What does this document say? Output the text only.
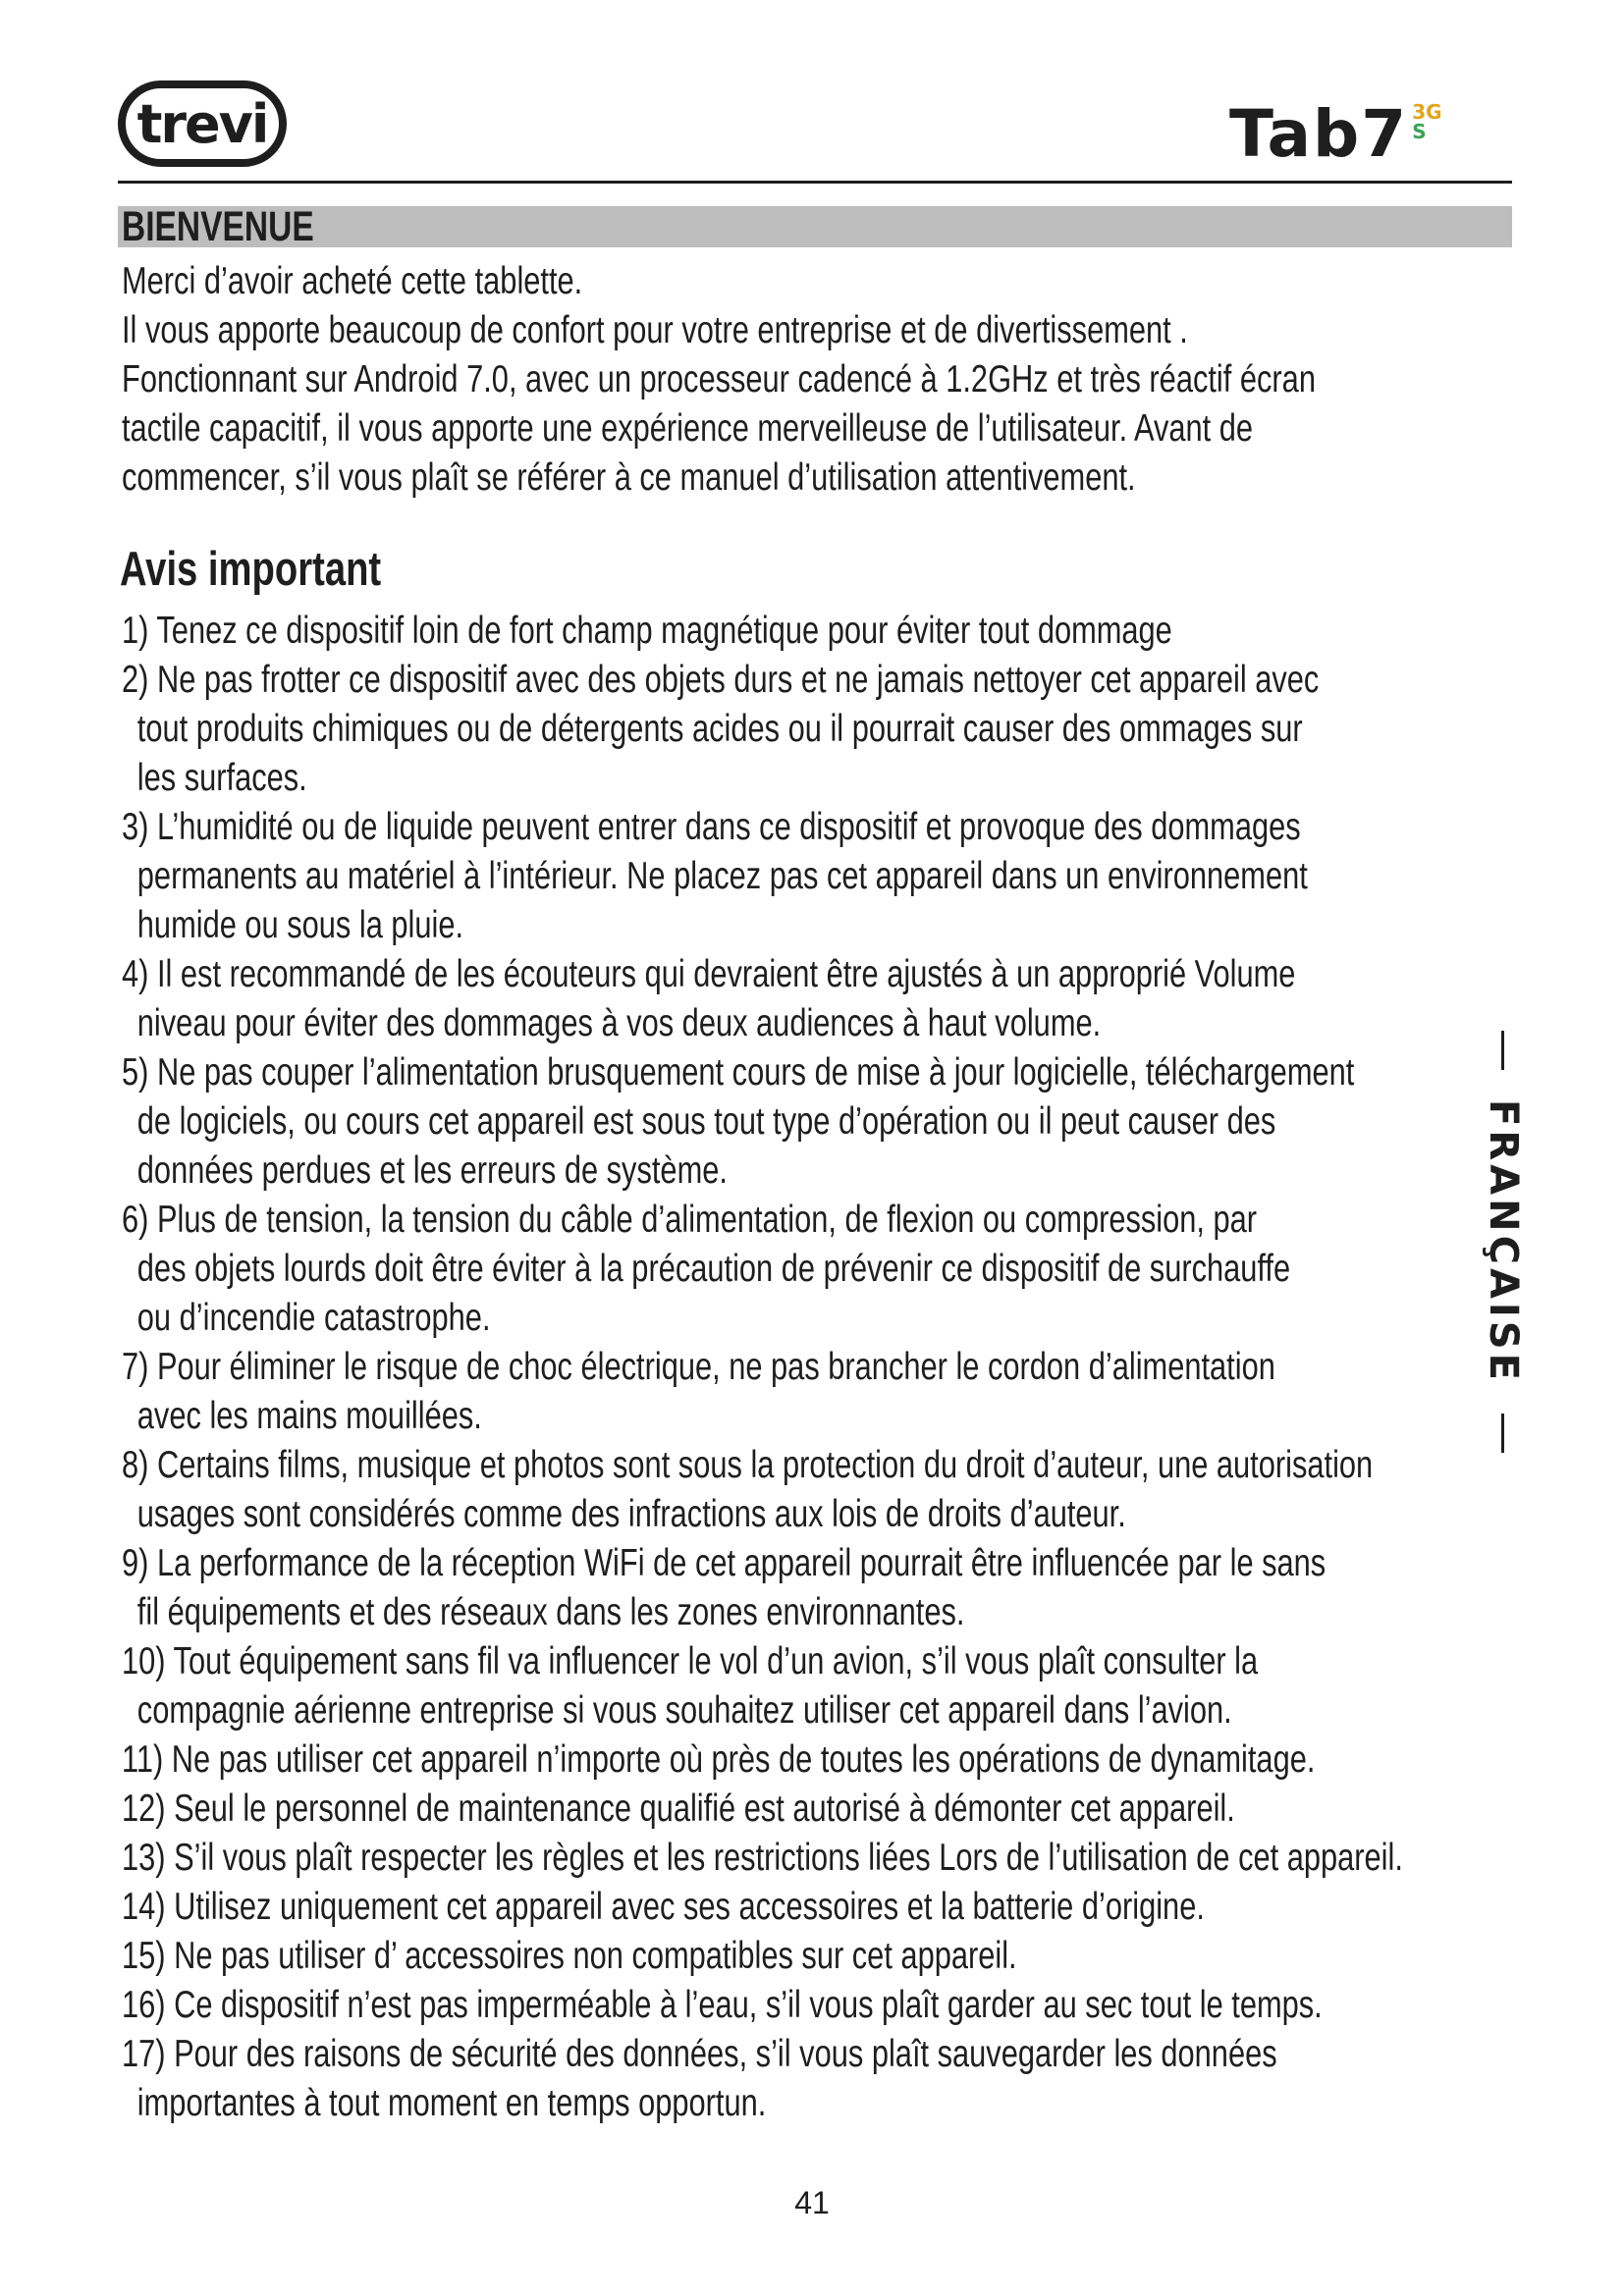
trevi	Tab7 3G
S
BIENVENUE

Merci d’avoir acheté cette tablette.

Il vous apporte beaucoup de confort pour votre entreprise et de divertissement .

Fonctionnant sur Android 7.0, avec un processeur cadencé à 1.2GHz et très réactif écran

tactile capacitif, il vous apporte une expérience merveilleuse de l’utilisateur. Avant de

commencer, s’il vous plaît se référer à ce manuel d’utilisation attentivement.

Avis important

1) Tenez ce dispositif loin de fort champ magnétique pour éviter tout dommage

2) Ne pas frotter ce dispositif avec des objets durs et ne jamais nettoyer cet appareil avec

tout produits chimiques ou de détergents acides ou il pourrait causer des ommages sur

les surfaces.

3) L’humidité ou de liquide peuvent entrer dans ce dispositif et provoque des dommages

permanents au matériel à l’intérieur. Ne placez pas cet appareil dans un environnement

humide ou sous la pluie.

4) Il est recommandé de les écouteurs qui devraient être ajustés à un approprié Volume

niveau pour éviter des dommages à vos deux audiences à haut volume.

5) Ne pas couper l’alimentation brusquement cours de mise à jour logicielle, téléchargement

de logiciels, ou cours cet appareil est sous tout type d’opération ou il peut causer des

données perdues et les erreurs de système.

6) Plus de tension, la tension du câble d’alimentation, de flexion ou compression, par

des objets lourds doit être éviter à la précaution de prévenir ce dispositif de surchauffe

ou d’incendie catastrophe.

7) Pour éliminer le risque de choc électrique, ne pas brancher le cordon d’alimentation

avec les mains mouillées.

8) Certains films, musique et photos sont sous la protection du droit d’auteur, une autorisation

usages sont considérés comme des infractions aux lois de droits d’auteur.

9) La performance de la réception WiFi de cet appareil pourrait être influencée par le sans

fil équipements et des réseaux dans les zones environnantes.

10) Tout équipement sans fil va influencer le vol d’un avion, s’il vous plaît consulter la

compagnie aérienne entreprise si vous souhaitez utiliser cet appareil dans l’avion.

11) Ne pas utiliser cet appareil n’importe où près de toutes les opérations de dynamitage.

12) Seul le personnel de maintenance qualifié est autorisé à démonter cet appareil.

13) S’il vous plaît respecter les règles et les restrictions liées Lors de l’utilisation de cet appareil.

14) Utilisez uniquement cet appareil avec ses accessoires et la batterie d’origine.

15) Ne pas utiliser d’ accessoires non compatibles sur cet appareil.

16) Ce dispositif n’est pas imperméable à l’eau, s’il vous plaît garder au sec tout le temps.

17) Pour des raisons de sécurité des données, s’il vous plaît sauvegarder les données

importantes à tout moment en temps opportun.

FRANÇAISE
41
